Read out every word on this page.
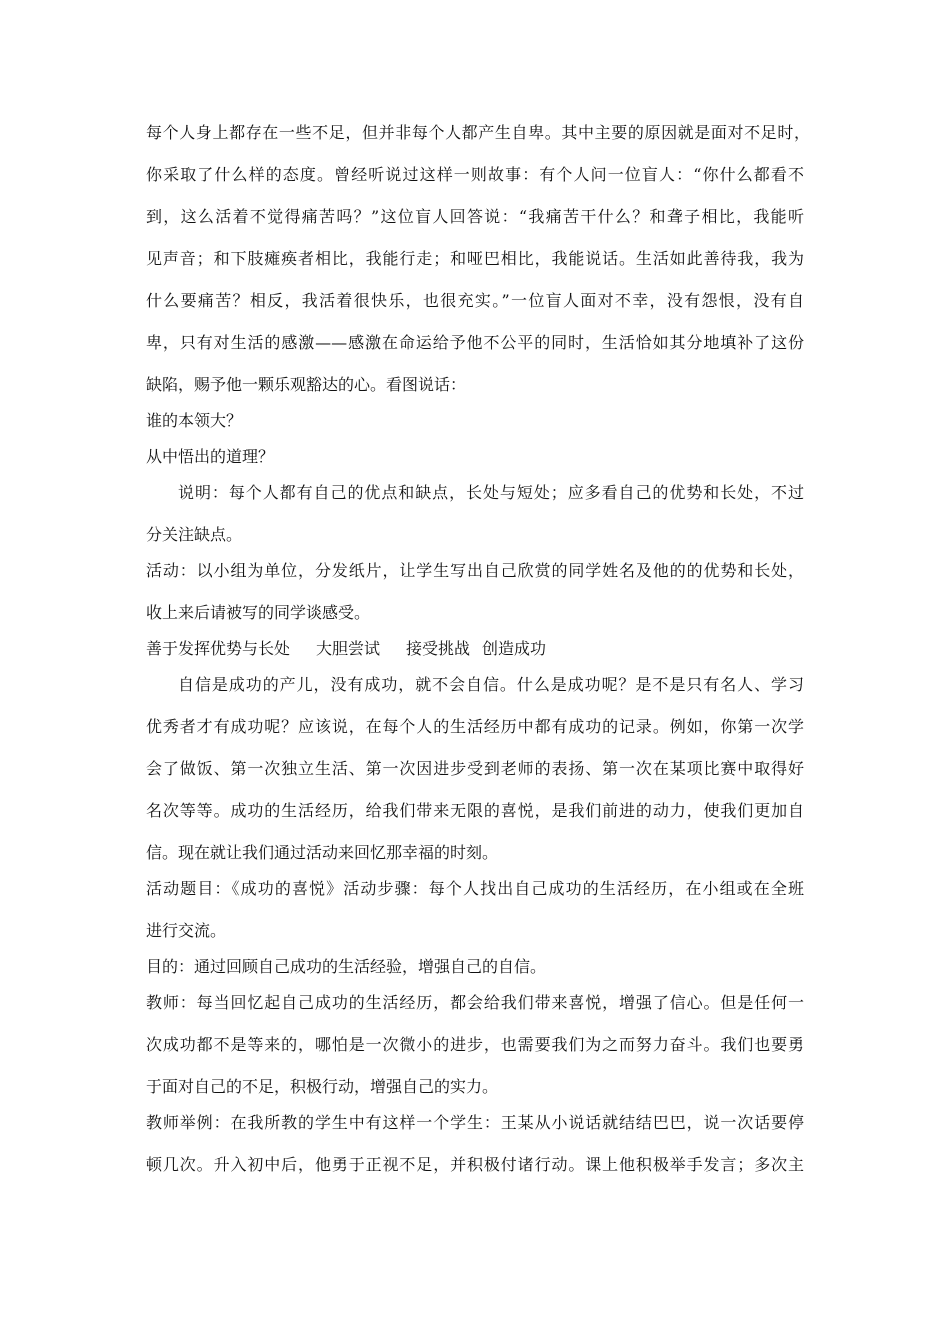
每个人身上都存在一些不足，但并非每个人都产生自卑。其中主要的原因就是面对不足时，
你采取了什么样的态度。曾经听说过这样一则故事：有个人问一位盲人：“你什么都看不
到，这么活着不觉得痛苦吗？”这位盲人回答说：“我痛苦干什么？和聋子相比，我能听
见声音；和下肢瘫痪者相比，我能行走；和哑巴相比，我能说话。生活如此善待我，我为
什么要痛苦？相反，我活着很快乐，也很充实。”一位盲人面对不幸，没有怨恨，没有自
卑，只有对生活的感激——感激在命运给予他不公平的同时，生活恰如其分地填补了这份
缺陷，赐予他一颗乐观豁达的心。看图说话：
谁的本领大？
从中悟出的道理？
说明：每个人都有自己的优点和缺点，长处与短处；应多看自己的优势和长处，不过
分关注缺点。
活动：以小组为单位，分发纸片，让学生写出自己欣赏的同学姓名及他的的优势和长处，
收上来后请被写的同学谈感受。
善于发挥优势与长处 大胆尝试 接受挑战 创造成功
自信是成功的产儿，没有成功，就不会自信。什么是成功呢？是不是只有名人、学习
优秀者才有成功呢？应该说，在每个人的生活经历中都有成功的记录。例如，你第一次学
会了做饭、第一次独立生活、第一次因进步受到老师的表扬、第一次在某项比赛中取得好
名次等等。成功的生活经历，给我们带来无限的喜悦，是我们前进的动力，使我们更加自
信。现在就让我们通过活动来回忆那幸福的时刻。
活动题目：《成功的喜悦》活动步骤：每个人找出自己成功的生活经历，在小组或在全班
进行交流。
目的：通过回顾自己成功的生活经验，增强自己的自信。
教师：每当回忆起自己成功的生活经历，都会给我们带来喜悦，增强了信心。但是任何一
次成功都不是等来的，哪怕是一次微小的进步，也需要我们为之而努力奋斗。我们也要勇
于面对自己的不足，积极行动，增强自己的实力。
教师举例：在我所教的学生中有这样一个学生：王某从小说话就结结巴巴，说一次话要停
顿几次。升入初中后，他勇于正视不足，并积极付诸行动。课上他积极举手发言；多次主
